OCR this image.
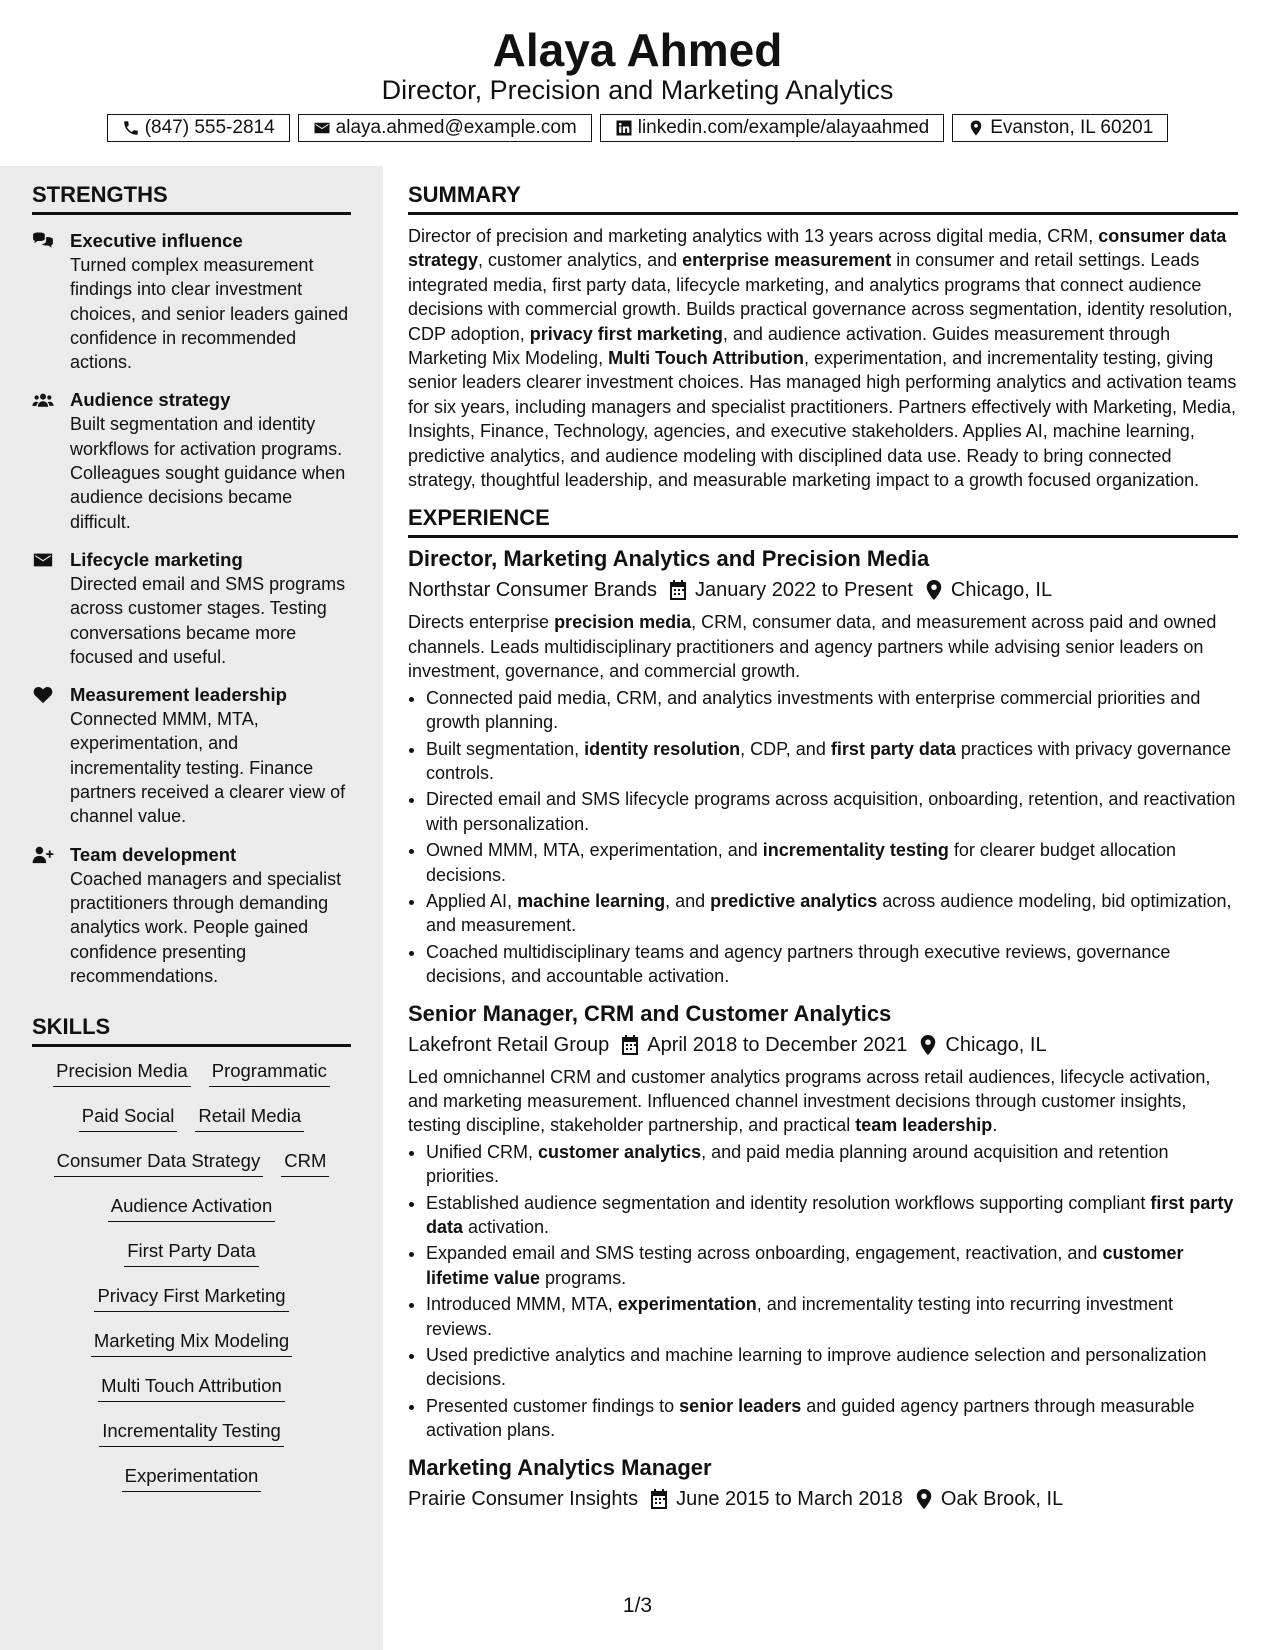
Alaya Ahmed
Director, Precision and Marketing Analytics
(847) 555-2814	alaya.ahmed@example.com	linkedin.com/example/alayaahmed	Evanston, IL 60201
STRENGTHS
Executive influence
Turned complex measurement findings into clear investment choices, and senior leaders gained confidence in recommended actions.
Audience strategy
Built segmentation and identity workflows for activation programs. Colleagues sought guidance when audience decisions became difficult.
Lifecycle marketing
Directed email and SMS programs across customer stages. Testing conversations became more focused and useful.
Measurement leadership
Connected MMM, MTA, experimentation, and incrementality testing. Finance partners received a clearer view of channel value.
Team development
Coached managers and specialist practitioners through demanding analytics work. People gained confidence presenting recommendations.
SKILLS
Precision Media Programmatic
Paid Social Retail Media
Consumer Data Strategy CRM
Audience Activation
First Party Data
Privacy First Marketing
Marketing Mix Modeling
Multi Touch Attribution
Incrementality Testing
Experimentation
SUMMARY
Director of precision and marketing analytics with 13 years across digital media, CRM, consumer data strategy, customer analytics, and enterprise measurement in consumer and retail settings. Leads integrated media, first party data, lifecycle marketing, and analytics programs that connect audience decisions with commercial growth. Builds practical governance across segmentation, identity resolution, CDP adoption, privacy first marketing, and audience activation. Guides measurement through Marketing Mix Modeling, Multi Touch Attribution, experimentation, and incrementality testing, giving senior leaders clearer investment choices. Has managed high performing analytics and activation teams for six years, including managers and specialist practitioners. Partners effectively with Marketing, Media, Insights, Finance, Technology, agencies, and executive stakeholders. Applies AI, machine learning, predictive analytics, and audience modeling with disciplined data use. Ready to bring connected strategy, thoughtful leadership, and measurable marketing impact to a growth focused organization.
EXPERIENCE
Director, Marketing Analytics and Precision Media
Northstar Consumer Brands January 2022 to Present Chicago, IL
Directs enterprise precision media, CRM, consumer data, and measurement across paid and owned channels. Leads multidisciplinary practitioners and agency partners while advising senior leaders on investment, governance, and commercial growth.
• Connected paid media, CRM, and analytics investments with enterprise commercial priorities and growth planning.
• Built segmentation, identity resolution, CDP, and first party data practices with privacy governance controls.
• Directed email and SMS lifecycle programs across acquisition, onboarding, retention, and reactivation with personalization.
• Owned MMM, MTA, experimentation, and incrementality testing for clearer budget allocation decisions.
• Applied AI, machine learning, and predictive analytics across audience modeling, bid optimization, and measurement.
• Coached multidisciplinary teams and agency partners through executive reviews, governance decisions, and accountable activation.
Senior Manager, CRM and Customer Analytics
Lakefront Retail Group April 2018 to December 2021 Chicago, IL
Led omnichannel CRM and customer analytics programs across retail audiences, lifecycle activation, and marketing measurement. Influenced channel investment decisions through customer insights, testing discipline, stakeholder partnership, and practical team leadership.
• Unified CRM, customer analytics, and paid media planning around acquisition and retention priorities.
• Established audience segmentation and identity resolution workflows supporting compliant first party data activation.
• Expanded email and SMS testing across onboarding, engagement, reactivation, and customer lifetime value programs.
• Introduced MMM, MTA, experimentation, and incrementality testing into recurring investment reviews.
• Used predictive analytics and machine learning to improve audience selection and personalization decisions.
• Presented customer findings to senior leaders and guided agency partners through measurable activation plans.
Marketing Analytics Manager
Prairie Consumer Insights June 2015 to March 2018 Oak Brook, IL
1/3
